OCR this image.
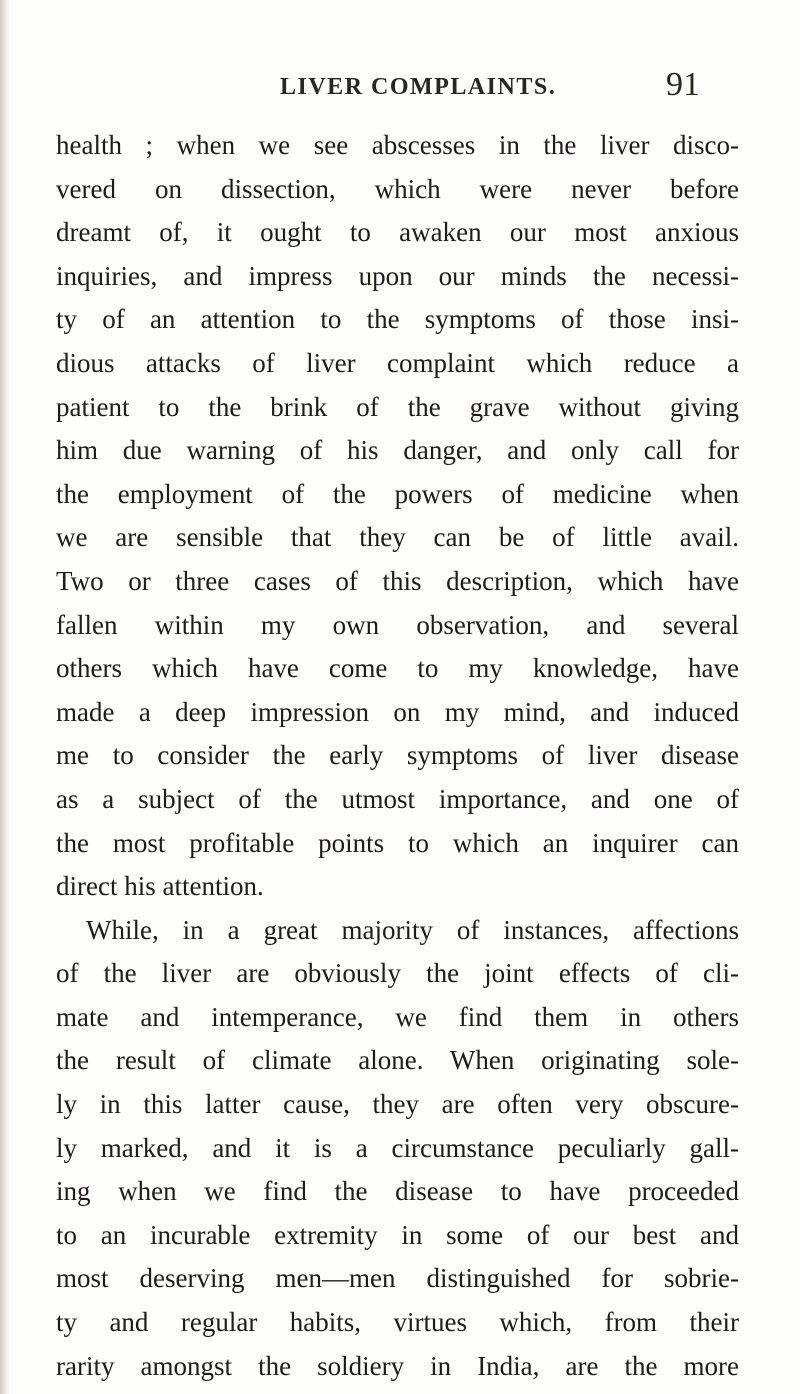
LIVER COMPLAINTS.	91
health ; when we see abscesses in the liver disco-
vered on dissection, which were never before
dreamt of, it ought to awaken our most anxious
inquiries, and impress upon our minds the necessi-
ty of an attention to the symptoms of those insi-
dious attacks of liver complaint which reduce a
patient to the brink of the grave without giving
him due warning of his danger, and only call for
the employment of the powers of medicine when
we are sensible that they can be of little avail.
Two or three cases of this description, which have
fallen within my own observation, and several
others which have come to my knowledge, have
made a deep impression on my mind, and induced
me to consider the early symptoms of liver disease
as a subject of the utmost importance, and one of
the most profitable points to which an inquirer can
direct his attention.
While, in a great majority of instances, affections
of the liver are obviously the joint effects of cli-
mate and intemperance, we find them in others
the result of climate alone. When originating sole-
ly in this latter cause, they are often very obscure-
ly marked, and it is a circumstance peculiarly gall-
ing when we find the disease to have proceeded
to an incurable extremity in some of our best and
most deserving men—men distinguished for sobrie-
ty and regular habits, virtues which, from their
rarity amongst the soldiery in India, are the more
